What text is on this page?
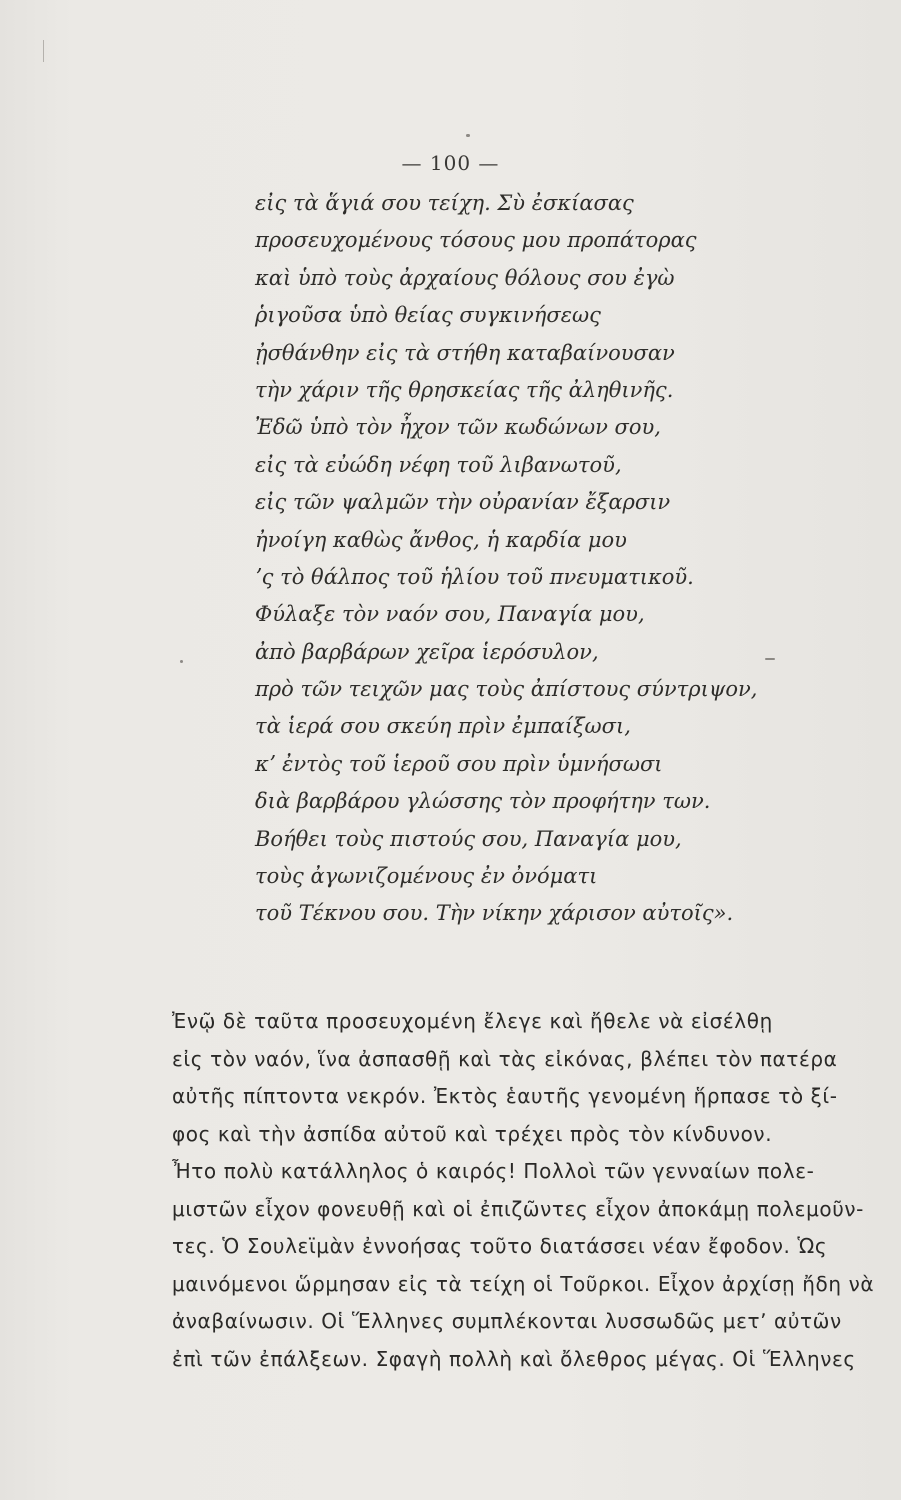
— 100 —
εἰς τὰ ἅγιά σου τείχη. Σὺ ἐσκίασας
προσευχομένους τόσους μου προπάτορας
καὶ ὑπὸ τοὺς ἀρχαίους θόλους σου ἐγὼ
ῥιγοῦσα ὑπὸ θείας συγκινήσεως
ᾐσθάνθην εἰς τὰ στήθη καταβαίνουσαν
τὴν χάριν τῆς θρησκείας τῆς ἀληθινῆς.
Ἐδῶ ὑπὸ τὸν ἦχον τῶν κωδώνων σου,
εἰς τὰ εὐώδη νέφη τοῦ λιβανωτοῦ,
εἰς τῶν ψαλμῶν τὴν οὐρανίαν ἔξαρσιν
ἠνοίγη καθὼς ἄνθος, ἡ καρδία μου
ʼς τὸ θάλπος τοῦ ἡλίου τοῦ πνευματικοῦ.
Φύλαξε τὸν ναόν σου, Παναγία μου,
ἀπὸ βαρβάρων χεῖρα ἱερόσυλον,
πρὸ τῶν τειχῶν μας τοὺς ἀπίστους σύντριψον,
τὰ ἱερά σου σκεύη πρὶν ἐμπαίξωσι,
κʼ ἐντὸς τοῦ ἱεροῦ σου πρὶν ὑμνήσωσι
διὰ βαρβάρου γλώσσης τὸν προφήτην των.
Βοήθει τοὺς πιστούς σου, Παναγία μου,
τοὺς ἀγωνιζομένους ἐν ὀνόματι
τοῦ Τέκνου σου. Τὴν νίκην χάρισον αὐτοῖς».
Ἐνῷ δὲ ταῦτα προσευχομένη ἔλεγε καὶ ἤθελε νὰ εἰσέλθῃ
εἰς τὸν ναόν, ἵνα ἀσπασθῇ καὶ τὰς εἰκόνας, βλέπει τὸν πατέρα
αὐτῆς πίπτοντα νεκρόν. Ἐκτὸς ἑαυτῆς γενομένη ἥρπασε τὸ ξί-
φος καὶ τὴν ἀσπίδα αὐτοῦ καὶ τρέχει πρὸς τὸν κίνδυνον.
Ἦτο πολὺ κατάλληλος ὁ καιρός! Πολλοὶ τῶν γενναίων πολε-
μιστῶν εἶχον φονευθῇ καὶ οἱ ἐπιζῶντες εἶχον ἀποκάμῃ πολεμοῦν-
τες. Ὁ Σουλεϊμὰν ἐννοήσας τοῦτο διατάσσει νέαν ἔφοδον. Ὡς
μαινόμενοι ὥρμησαν εἰς τὰ τείχη οἱ Τοῦρκοι. Εἶχον ἀρχίσῃ ἤδη νὰ
ἀναβαίνωσιν. Οἱ Ἕλληνες συμπλέκονται λυσσωδῶς μετʼ αὐτῶν
ἐπὶ τῶν ἐπάλξεων. Σφαγὴ πολλὴ καὶ ὄλεθρος μέγας. Οἱ Ἕλληνες
